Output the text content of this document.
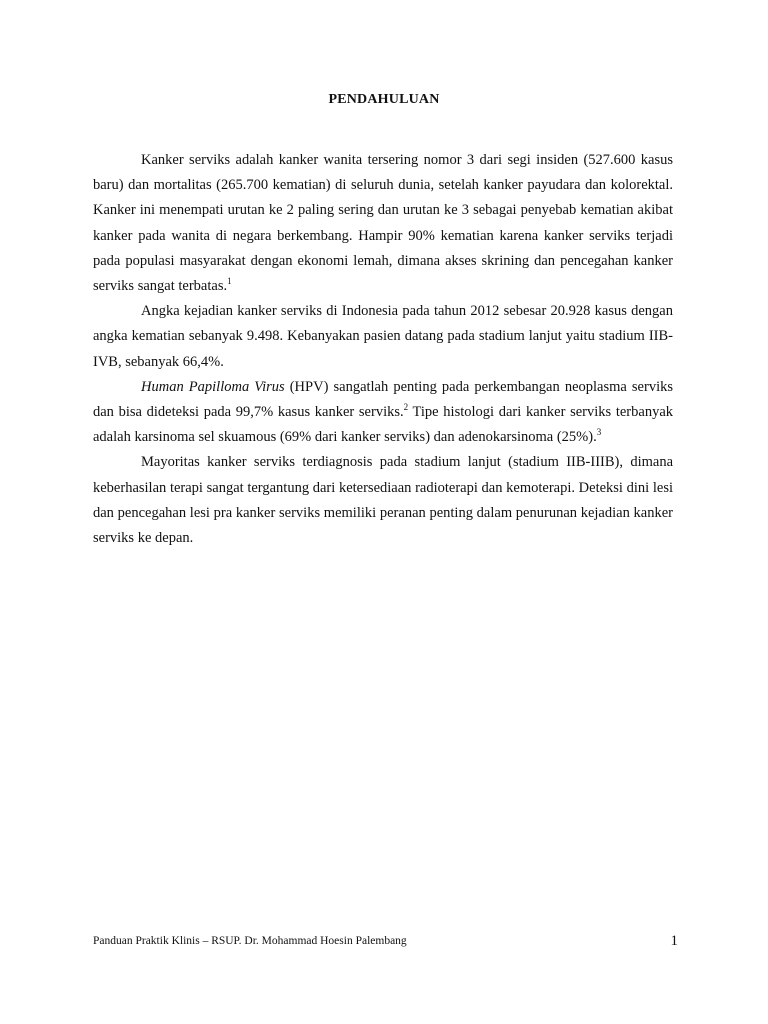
PENDAHULUAN

Kanker serviks adalah kanker wanita tersering nomor 3 dari segi insiden (527.600 kasus baru) dan mortalitas (265.700 kematian) di seluruh dunia, setelah kanker payudara dan kolorektal. Kanker ini menempati urutan ke 2 paling sering dan urutan ke 3 sebagai penyebab kematian akibat kanker pada wanita di negara berkembang. Hampir 90% kematian karena kanker serviks terjadi pada populasi masyarakat dengan ekonomi lemah, dimana akses skrining dan pencegahan kanker serviks sangat terbatas.$^1$

Angka kejadian kanker serviks di Indonesia pada tahun 2012 sebesar 20.928 kasus dengan angka kematian sebanyak 9.498. Kebanyakan pasien datang pada stadium lanjut yaitu stadium IIB-IVB, sebanyak 66,4%.

Human Papilloma Virus (HPV) sangatlah penting pada perkembangan neoplasma serviks dan bisa dideteksi pada 99,7% kasus kanker serviks.$^2$ Tipe histologi dari kanker serviks terbanyak adalah karsinoma sel skuamous (69% dari kanker serviks) dan adenokarsinoma (25%).$^3$

Mayoritas kanker serviks terdiagnosis pada stadium lanjut (stadium IIB-IIIB), dimana keberhasilan terapi sangat tergantung dari ketersediaan radioterapi dan kemoterapi. Deteksi dini lesi dan pencegahan lesi pra kanker serviks memiliki peranan penting dalam penurunan kejadian kanker serviks ke depan.

Panduan Praktik Klinis – RSUP. Dr. Mohammad Hoesin Palembang	1
